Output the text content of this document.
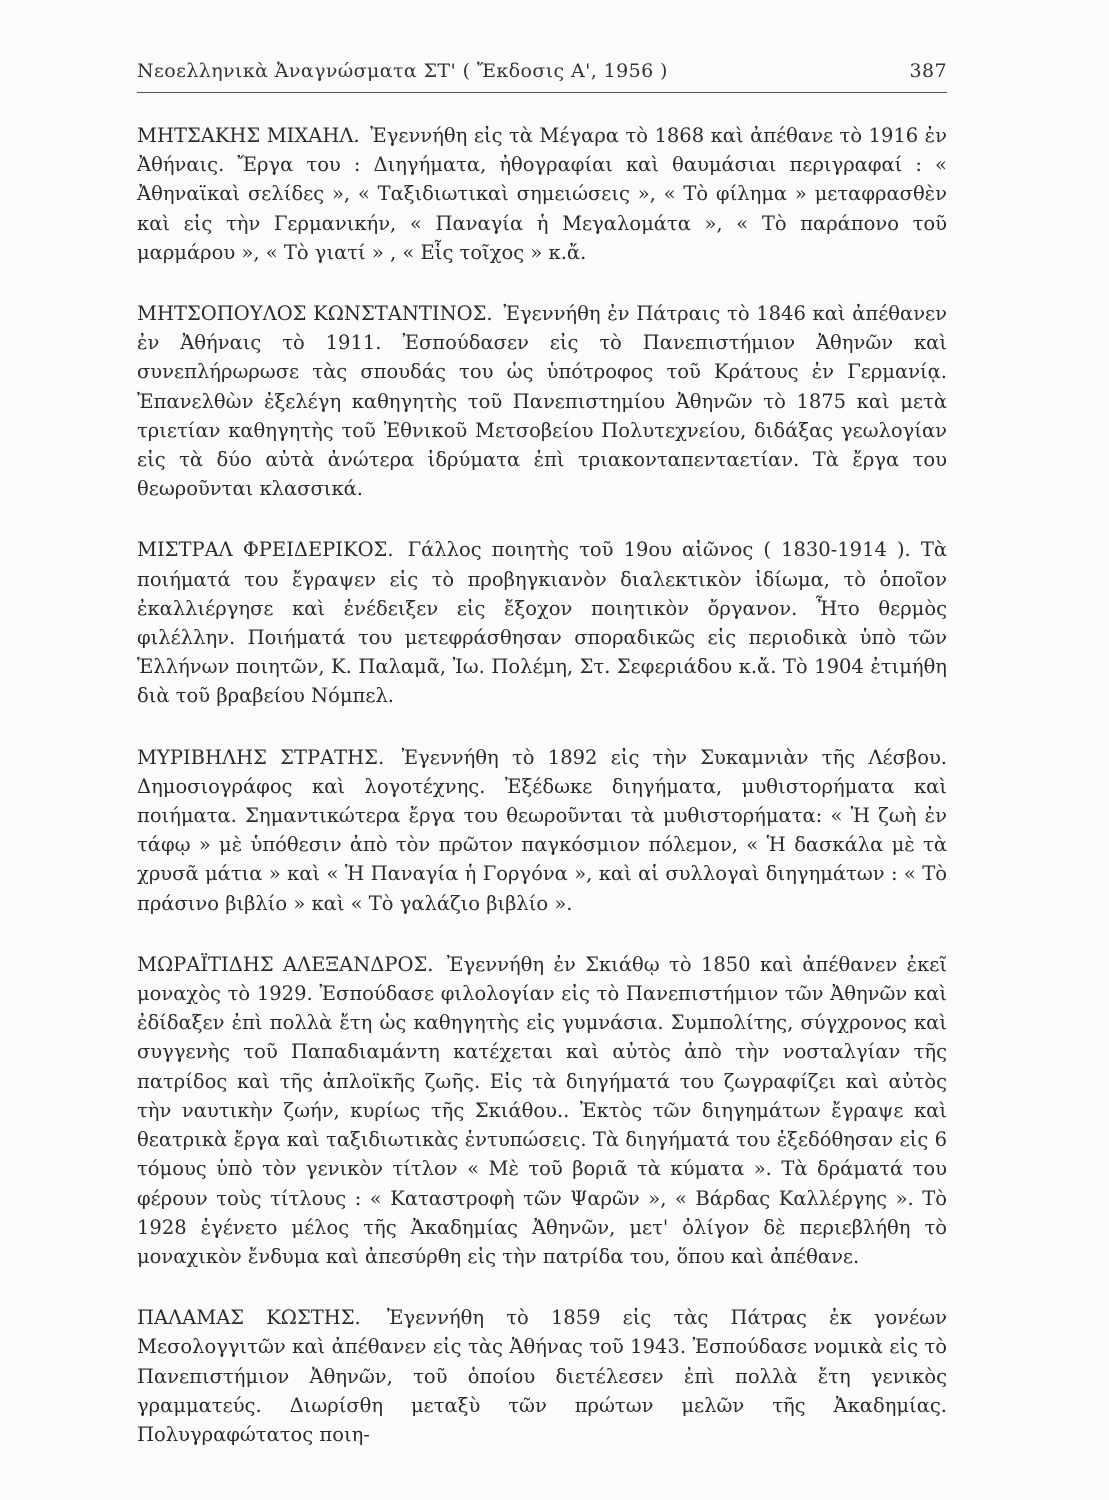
Νεοελληνικὰ Ἀναγνώσματα ΣΤ' ( Ἔκδοσις Α', 1956 )	387

ΜΗΤΣΑΚΗΣ ΜΙΧΑΗΛ. Ἐγεννήθη εἰς τὰ Μέγαρα τὸ 1868 καὶ ἀπέθανε τὸ 1916 ἐν Ἀθήναις. Ἔργα του : Διηγήματα, ἠθογραφίαι καὶ θαυμάσιαι περιγραφαί : « Ἀθηναϊκαὶ σελίδες », « Ταξιδιωτικαὶ σημειώσεις », « Τὸ φίλημα » μεταφρασθὲν καὶ εἰς τὴν Γερμανικήν, « Παναγία ἡ Μεγαλομάτα », « Τὸ παράπονο τοῦ μαρμάρου », « Τὸ γιατί » , « Εἷς τοῖχος » κ.ἄ.

ΜΗΤΣΟΠΟΥΛΟΣ ΚΩΝΣΤΑΝΤΙΝΟΣ. Ἐγεννήθη ἐν Πάτραις τὸ 1846 καὶ ἀπέθανεν ἐν Ἀθήναις τὸ 1911. Ἐσπούδασεν εἰς τὸ Πανεπιστήμιον Ἀθηνῶν καὶ συνεπλήρωρωσε τὰς σπουδάς του ὡς ὑπότροφος τοῦ Κράτους ἐν Γερμανίᾳ. Ἐπανελθὼν ἐξελέγη καθηγητὴς τοῦ Πανεπιστημίου Ἀθηνῶν τὸ 1875 καὶ μετὰ τριετίαν καθηγητὴς τοῦ Ἐθνικοῦ Μετσοβείου Πολυτεχνείου, διδάξας γεωλογίαν εἰς τὰ δύο αὐτὰ ἀνώτερα ἱδρύματα ἐπὶ τριακονταπενταετίαν. Τὰ ἔργα του θεωροῦνται κλασσικά.

ΜΙΣΤΡΑΛ ΦΡΕΙΔΕΡΙΚΟΣ. Γάλλος ποιητὴς τοῦ 19ου αἰῶνος ( 1830-1914 ). Τὰ ποιήματά του ἔγραψεν εἰς τὸ προβηγκιανὸν διαλεκτικὸν ἰδίωμα, τὸ ὁποῖον ἐκαλλιέργησε καὶ ἐνέδειξεν εἰς ἔξοχον ποιητικὸν ὄργανον. Ἦτο θερμὸς φιλέλλην. Ποιήματά του μετεφράσθησαν σποραδικῶς εἰς περιοδικὰ ὑπὸ τῶν Ἑλλήνων ποιητῶν, Κ. Παλαμᾶ, Ἰω. Πολέμη, Στ. Σεφεριάδου κ.ἄ. Τὸ 1904 ἐτιμήθη διὰ τοῦ βραβείου Νόμπελ.

ΜΥΡΙΒΗΛΗΣ ΣΤΡΑΤΗΣ. Ἐγεννήθη τὸ 1892 εἰς τὴν Συκαμνιὰν τῆς Λέσβου. Δημοσιογράφος καὶ λογοτέχνης. Ἐξέδωκε διηγήματα, μυθιστορήματα καὶ ποιήματα. Σημαντικώτερα ἔργα του θεωροῦνται τὰ μυθιστορήματα: « Ἡ ζωὴ ἐν τάφῳ » μὲ ὑπόθεσιν ἀπὸ τὸν πρῶτον παγκόσμιον πόλεμον, « Ἡ δασκάλα μὲ τὰ χρυσᾶ μάτια » καὶ « Ἡ Παναγία ἡ Γοργόνα », καὶ αἱ συλλογαὶ διηγημάτων : « Τὸ πράσινο βιβλίο » καὶ « Τὸ γαλάζιο βιβλίο ».

ΜΩΡΑΪΤΙΔΗΣ ΑΛΕΞΑΝΔΡΟΣ. Ἐγεννήθη ἐν Σκιάθῳ τὸ 1850 καὶ ἀπέθανεν ἐκεῖ μοναχὸς τὸ 1929. Ἐσπούδασε φιλολογίαν εἰς τὸ Πανεπιστήμιον τῶν Ἀθηνῶν καὶ ἐδίδαξεν ἐπὶ πολλὰ ἔτη ὡς καθηγητὴς εἰς γυμνάσια. Συμπολίτης, σύγχρονος καὶ συγγενὴς τοῦ Παπαδιαμάντη κατέχεται καὶ αὐτὸς ἀπὸ τὴν νοσταλγίαν τῆς πατρίδος καὶ τῆς ἁπλοϊκῆς ζωῆς. Εἰς τὰ διηγήματά του ζωγραφίζει καὶ αὐτὸς τὴν ναυτικὴν ζωήν, κυρίως τῆς Σκιάθου.. Ἐκτὸς τῶν διηγημάτων ἔγραψε καὶ θεατρικὰ ἔργα καὶ ταξιδιωτικὰς ἐντυπώσεις. Τὰ διηγήματά του ἐξεδόθησαν εἰς 6 τόμους ὑπὸ τὸν γενικὸν τίτλον « Μὲ τοῦ βοριᾶ τὰ κύματα ». Τὰ δράματά του φέρουν τοὺς τίτλους : « Καταστροφὴ τῶν Ψαρῶν », « Βάρδας Καλλέργης ». Τὸ 1928 ἐγένετο μέλος τῆς Ἀκαδημίας Ἀθηνῶν, μετ' ὀλίγον δὲ περιεβλήθη τὸ μοναχικὸν ἔνδυμα καὶ ἀπεσύρθη εἰς τὴν πατρίδα του, ὅπου καὶ ἀπέθανε.

ΠΑΛΑΜΑΣ ΚΩΣΤΗΣ. Ἐγεννήθη τὸ 1859 εἰς τὰς Πάτρας ἐκ γονέων Μεσολογγιτῶν καὶ ἀπέθανεν εἰς τὰς Ἀθήνας τοῦ 1943. Ἐσπούδασε νομικὰ εἰς τὸ Πανεπιστήμιον Ἀθηνῶν, τοῦ ὁποίου διετέλεσεν ἐπὶ πολλὰ ἔτη γενικὸς γραμματεύς. Διωρίσθη μεταξὺ τῶν πρώτων μελῶν τῆς Ἀκαδημίας. Πολυγραφώτατος ποιη-
